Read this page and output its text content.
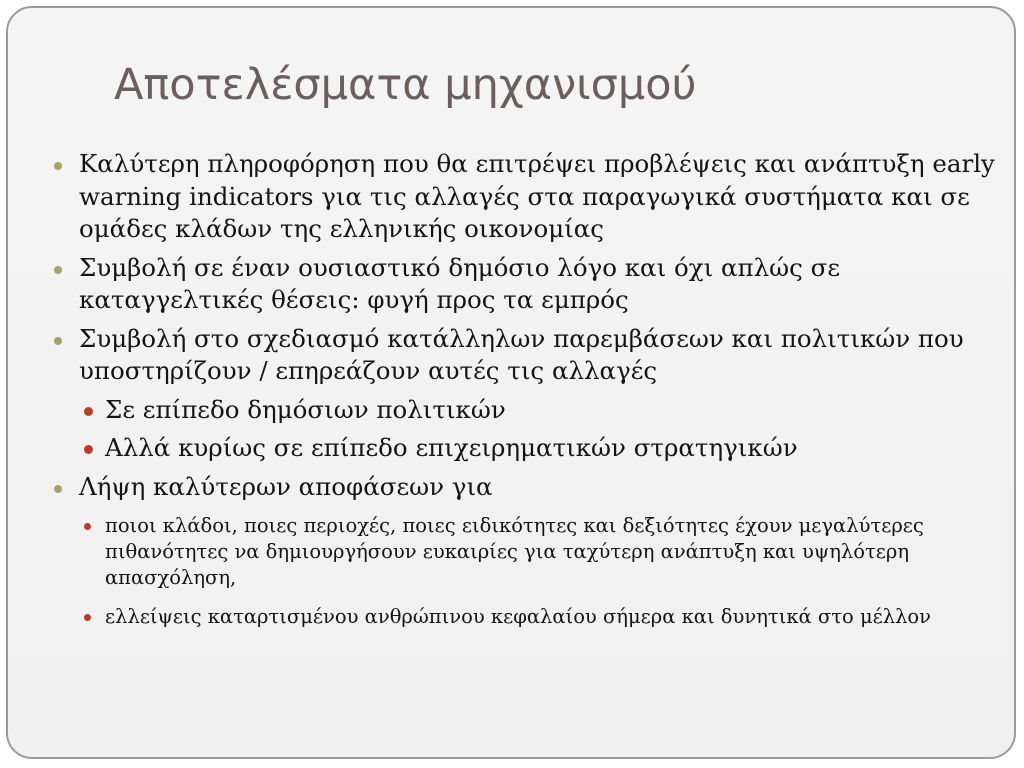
Αποτελέσματα μηχανισμού
Καλύτερη πληροφόρηση που θα επιτρέψει προβλέψεις και ανάπτυξη early warning indicators για τις αλλαγές στα παραγωγικά συστήματα και σε ομάδες κλάδων της ελληνικής οικονομίας
Συμβολή σε έναν ουσιαστικό δημόσιο λόγο και όχι απλώς σε καταγγελτικές θέσεις: φυγή προς τα εμπρός
Συμβολή στο σχεδιασμό κατάλληλων παρεμβάσεων και πολιτικών που υποστηρίζουν / επηρεάζουν αυτές τις αλλαγές
Σε επίπεδο δημόσιων πολιτικών
Αλλά κυρίως σε επίπεδο επιχειρηματικών στρατηγικών
Λήψη καλύτερων αποφάσεων για
ποιοι κλάδοι, ποιες περιοχές, ποιες ειδικότητες και δεξιότητες έχουν μεγαλύτερες πιθανότητες να δημιουργήσουν ευκαιρίες για ταχύτερη ανάπτυξη και υψηλότερη απασχόληση,
ελλείψεις καταρτισμένου ανθρώπινου κεφαλαίου σήμερα και δυνητικά στο μέλλον
